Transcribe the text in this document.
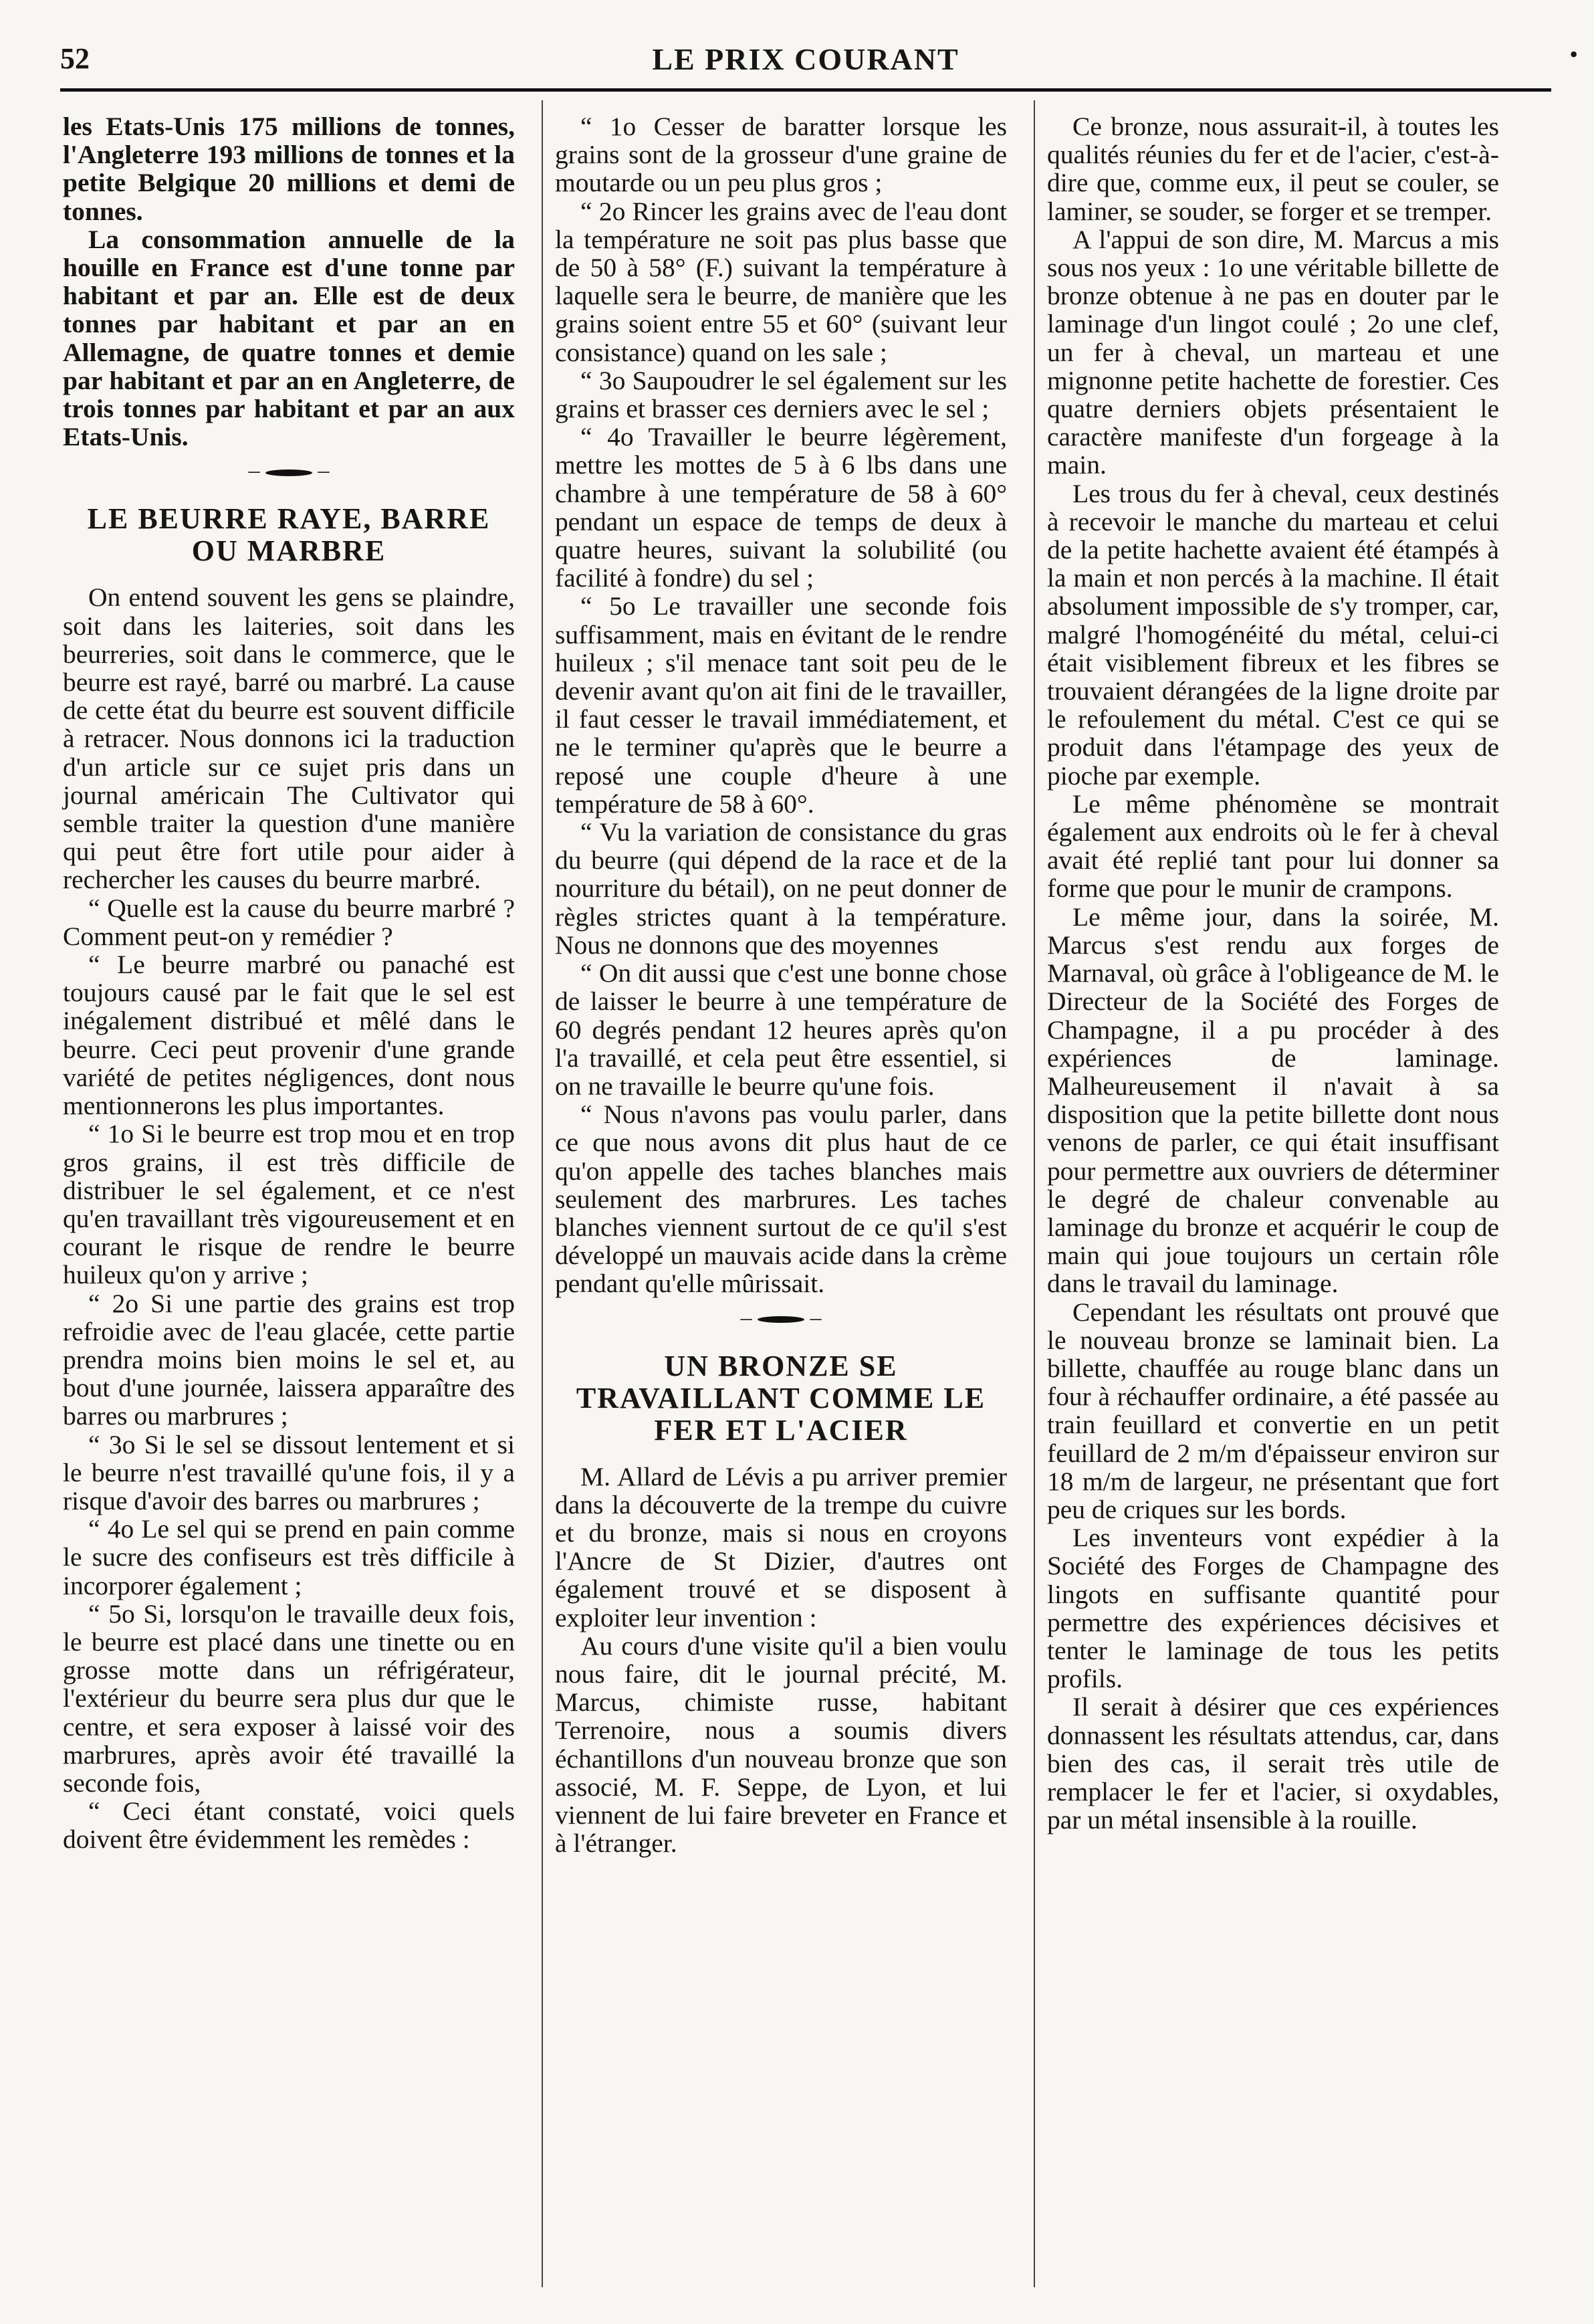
52	LE PRIX COURANT	•

les Etats-Unis 175 millions de tonnes, l'Angleterre 193 millions de tonnes et la petite Belgique 20 millions et demi de tonnes.

La consommation annuelle de la houille en France est d'une tonne par habitant et par an. Elle est de deux tonnes par habitant et par an en Allemagne, de quatre tonnes et demie par habitant et par an en Angleterre, de trois tonnes par habitant et par an aux Etats-Unis.

–  –
LE BEURRE RAYE, BARRE OU MARBRE

On entend souvent les gens se plaindre, soit dans les laiteries, soit dans les beurreries, soit dans le commerce, que le beurre est rayé, barré ou marbré. La cause de cette état du beurre est souvent difficile à retracer. Nous donnons ici la traduction d'un article sur ce sujet pris dans un journal américain The Cultivator qui semble traiter la question d'une manière qui peut être fort utile pour aider à rechercher les causes du beurre marbré.

“ Quelle est la cause du beurre marbré ? Comment peut-on y remédier ?

“ Le beurre marbré ou panaché est toujours causé par le fait que le sel est inégalement distribué et mêlé dans le beurre. Ceci peut provenir d'une grande variété de petites négligences, dont nous mentionnerons les plus importantes.

“ 1o Si le beurre est trop mou et en trop gros grains, il est très difficile de distribuer le sel également, et ce n'est qu'en travaillant très vigoureusement et en courant le risque de rendre le beurre huileux qu'on y arrive ;

“ 2o Si une partie des grains est trop refroidie avec de l'eau glacée, cette partie prendra moins bien moins le sel et, au bout d'une journée, laissera apparaître des barres ou marbrures ;

“ 3o Si le sel se dissout lentement et si le beurre n'est travaillé qu'une fois, il y a risque d'avoir des barres ou marbrures ;

“ 4o Le sel qui se prend en pain comme le sucre des confiseurs est très difficile à incorporer également ;

“ 5o Si, lorsqu'on le travaille deux fois, le beurre est placé dans une tinette ou en grosse motte dans un réfrigérateur, l'extérieur du beurre sera plus dur que le centre, et sera exposer à laissé voir des marbrures, après avoir été travaillé la seconde fois,

“ Ceci étant constaté, voici quels doivent être évidemment les remèdes :

“ 1o Cesser de baratter lorsque les grains sont de la grosseur d'une graine de moutarde ou un peu plus gros ;

“ 2o Rincer les grains avec de l'eau dont la température ne soit pas plus basse que de 50 à 58° (F.) suivant la température à laquelle sera le beurre, de manière que les grains soient entre 55 et 60° (suivant leur consistance) quand on les sale ;

“ 3o Saupoudrer le sel également sur les grains et brasser ces derniers avec le sel ;

“ 4o Travailler le beurre légèrement, mettre les mottes de 5 à 6 lbs dans une chambre à une température de 58 à 60° pendant un espace de temps de deux à quatre heures, suivant la solubilité (ou facilité à fondre) du sel ;

“ 5o Le travailler une seconde fois suffisamment, mais en évitant de le rendre huileux ; s'il menace tant soit peu de le devenir avant qu'on ait fini de le travailler, il faut cesser le travail immédiatement, et ne le terminer qu'après que le beurre a reposé une couple d'heure à une température de 58 à 60°.

“ Vu la variation de consistance du gras du beurre (qui dépend de la race et de la nourriture du bétail), on ne peut donner de règles strictes quant à la température. Nous ne donnons que des moyennes

“ On dit aussi que c'est une bonne chose de laisser le beurre à une température de 60 degrés pendant 12 heures après qu'on l'a travaillé, et cela peut être essentiel, si on ne travaille le beurre qu'une fois.

“ Nous n'avons pas voulu parler, dans ce que nous avons dit plus haut de ce qu'on appelle des taches blanches mais seulement des marbrures. Les taches blanches viennent surtout de ce qu'il s'est développé un mauvais acide dans la crème pendant qu'elle mûrissait.

–  –
UN BRONZE SE TRAVAILLANT COMME LE FER ET L'ACIER

M. Allard de Lévis a pu arriver premier dans la découverte de la trempe du cuivre et du bronze, mais si nous en croyons l'Ancre de St Dizier, d'autres ont également trouvé et se disposent à exploiter leur invention :

Au cours d'une visite qu'il a bien voulu nous faire, dit le journal précité, M. Marcus, chimiste russe, habitant Terrenoire, nous a soumis divers échantillons d'un nouveau bronze que son associé, M. F. Seppe, de Lyon, et lui viennent de lui faire breveter en France et à l'étranger.

Ce bronze, nous assurait-il, à toutes les qualités réunies du fer et de l'acier, c'est-à-dire que, comme eux, il peut se couler, se laminer, se souder, se forger et se tremper.

A l'appui de son dire, M. Marcus a mis sous nos yeux : 1o une véritable billette de bronze obtenue à ne pas en douter par le laminage d'un lingot coulé ; 2o une clef, un fer à cheval, un marteau et une mignonne petite hachette de forestier. Ces quatre derniers objets présentaient le caractère manifeste d'un forgeage à la main.

Les trous du fer à cheval, ceux destinés à recevoir le manche du marteau et celui de la petite hachette avaient été étampés à la main et non percés à la machine. Il était absolument impossible de s'y tromper, car, malgré l'homogénéité du métal, celui-ci était visiblement fibreux et les fibres se trouvaient dérangées de la ligne droite par le refoulement du métal. C'est ce qui se produit dans l'étampage des yeux de pioche par exemple.

Le même phénomène se montrait également aux endroits où le fer à cheval avait été replié tant pour lui donner sa forme que pour le munir de crampons.

Le même jour, dans la soirée, M. Marcus s'est rendu aux forges de Marnaval, où grâce à l'obligeance de M. le Directeur de la Société des Forges de Champagne, il a pu procéder à des expériences de laminage. Malheureusement il n'avait à sa disposition que la petite billette dont nous venons de parler, ce qui était insuffisant pour permettre aux ouvriers de déterminer le degré de chaleur convenable au laminage du bronze et acquérir le coup de main qui joue toujours un certain rôle dans le travail du laminage.

Cependant les résultats ont prouvé que le nouveau bronze se laminait bien. La billette, chauffée au rouge blanc dans un four à réchauffer ordinaire, a été passée au train feuillard et convertie en un petit feuillard de 2 m/m d'épaisseur environ sur 18 m/m de largeur, ne présentant que fort peu de criques sur les bords.

Les inventeurs vont expédier à la Société des Forges de Champagne des lingots en suffisante quantité pour permettre des expériences décisives et tenter le laminage de tous les petits profils.

Il serait à désirer que ces expériences donnassent les résultats attendus, car, dans bien des cas, il serait très utile de remplacer le fer et l'acier, si oxydables, par un métal insensible à la rouille.
